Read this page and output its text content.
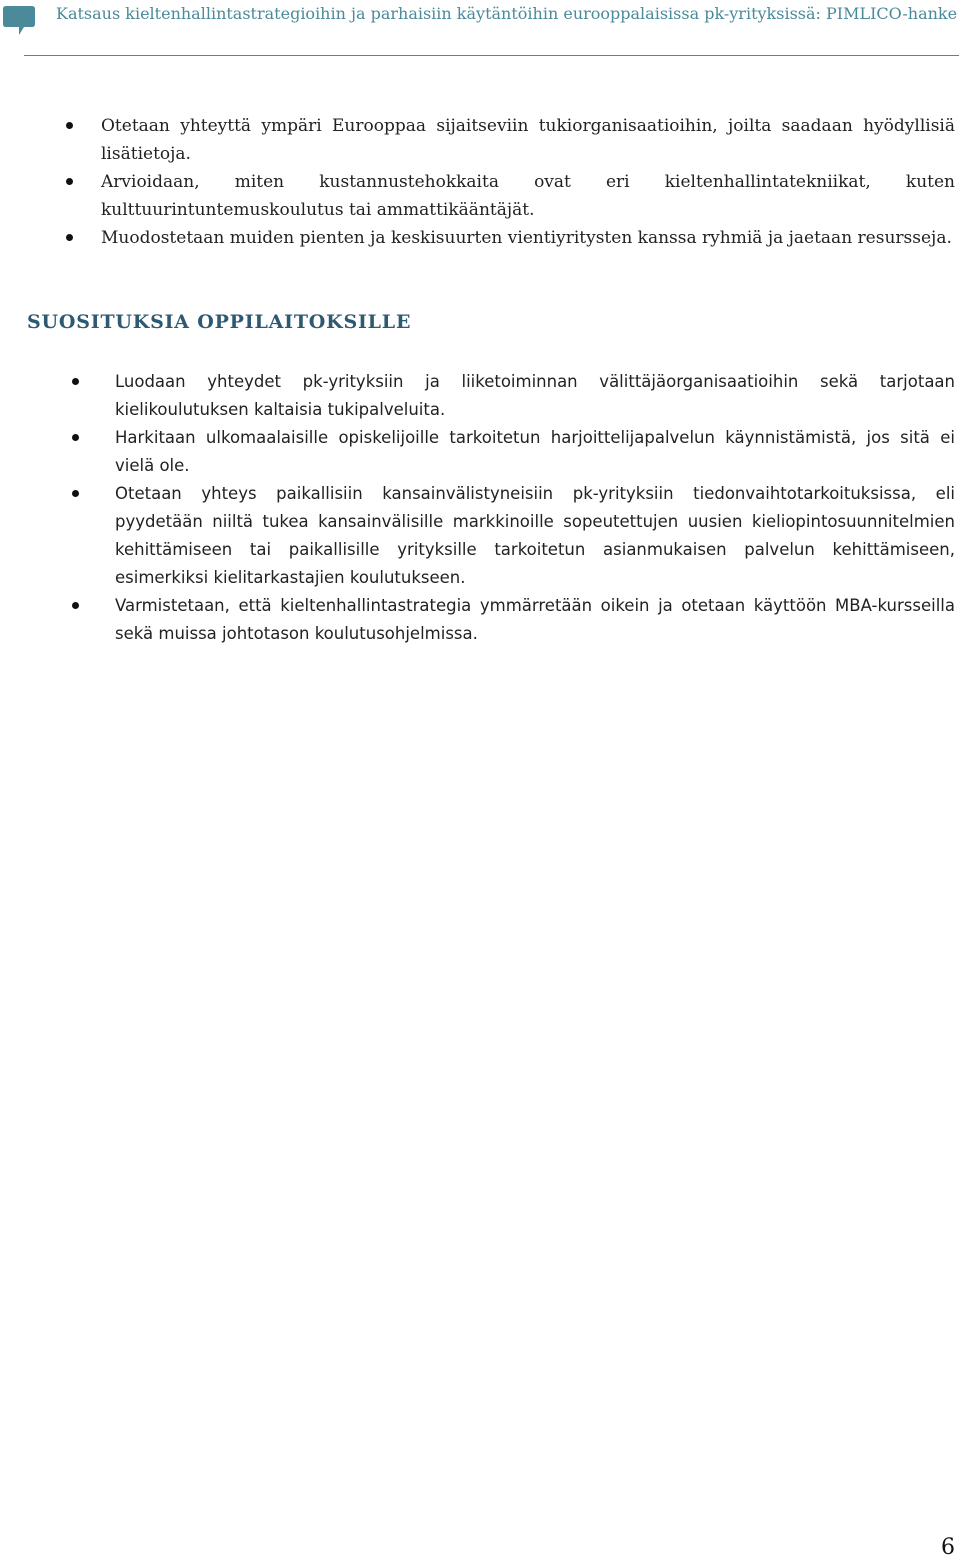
Katsaus kieltenhallintastrategioihin ja parhaisiin käytäntöihin eurooppalaisissa pk-yrityksissä: PIMLICO-hanke
Otetaan yhteyttä ympäri Eurooppaa sijaitseviin tukiorganisaatioihin, joilta saadaan hyödyllisiä lisätietoja.
Arvioidaan, miten kustannustehokkaita ovat eri kieltenhallintatekniikat, kuten kulttuurintuntemuskoulutus tai ammattikääntäjät.
Muodostetaan muiden pienten ja keskisuurten vientiyritysten kanssa ryhmiä ja jaetaan resursseja.
SUOSITUKSIA OPPILAITOKSILLE
Luodaan yhteydet pk-yrityksiin ja liiketoiminnan välittäjäorganisaatioihin sekä tarjotaan kielikoulutuksen kaltaisia tukipalveluita.
Harkitaan ulkomaalaisille opiskelijoille tarkoitetun harjoittelijapalvelun käynnistämistä, jos sitä ei vielä ole.
Otetaan yhteys paikallisiin kansainvälistyneisiin pk-yrityksiin tiedonvaihtotarkoituksissa, eli pyydetään niiltä tukea kansainvälisille markkinoille sopeutettujen uusien kieliopintosuunnitelmien kehittämiseen tai paikallisille yrityksille tarkoitetun asianmukaisen palvelun kehittämiseen, esimerkiksi kielitarkastajien koulutukseen.
Varmistetaan, että kieltenhallintastrategia ymmärretään oikein ja otetaan käyttöön MBA-kursseilla sekä muissa johtotason koulutusohjelmissa.
6
